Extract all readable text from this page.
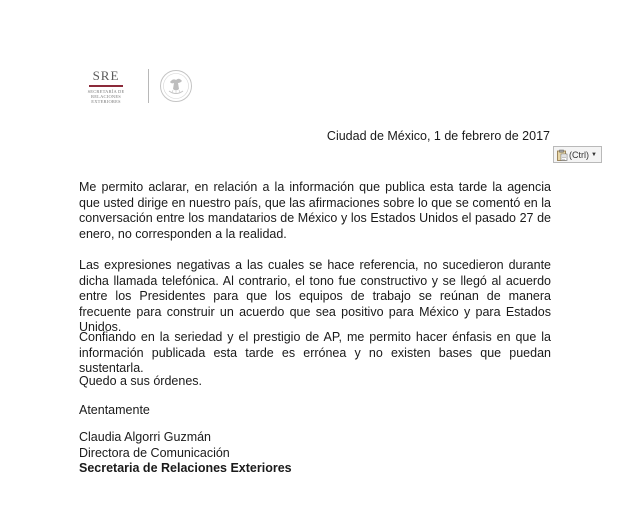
SRE
SECRETARÍA DE
RELACIONES EXTERIORES
Ciudad de México, 1 de febrero de 2017
(Ctrl) ▼

Me permito aclarar, en relación a la información que publica esta tarde la agencia que usted dirige en nuestro país, que las afirmaciones sobre lo que se comentó en la conversación entre los mandatarios de México y los Estados Unidos el pasado 27 de enero, no corresponden a la realidad.

Las expresiones negativas a las cuales se hace referencia, no sucedieron durante dicha llamada telefónica. Al contrario, el tono fue constructivo y se llegó al acuerdo entre los Presidentes para que los equipos de trabajo se reúnan de manera frecuente para construir un acuerdo que sea positivo para México y para Estados Unidos.

Confiando en la seriedad y el prestigio de AP, me permito hacer énfasis en que la información publicada esta tarde es errónea y no existen bases que puedan sustentarla.

Quedo a sus órdenes.

Atentamente

Claudia Algorri Guzmán
Directora de Comunicación
Secretaria de Relaciones Exteriores
